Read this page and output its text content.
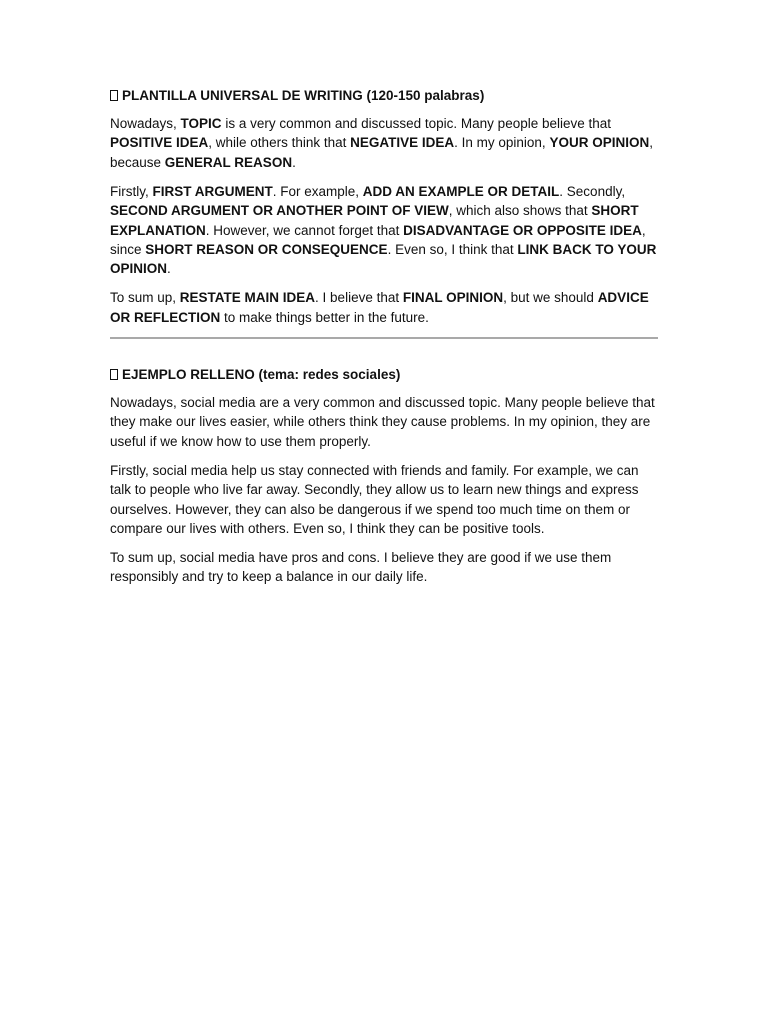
PLANTILLA UNIVERSAL DE WRITING (120-150 palabras)

Nowadays, TOPIC is a very common and discussed topic. Many people believe that POSITIVE IDEA, while others think that NEGATIVE IDEA. In my opinion, YOUR OPINION, because GENERAL REASON.

Firstly, FIRST ARGUMENT. For example, ADD AN EXAMPLE OR DETAIL. Secondly, SECOND ARGUMENT OR ANOTHER POINT OF VIEW, which also shows that SHORT EXPLANATION. However, we cannot forget that DISADVANTAGE OR OPPOSITE IDEA, since SHORT REASON OR CONSEQUENCE. Even so, I think that LINK BACK TO YOUR OPINION.

To sum up, RESTATE MAIN IDEA. I believe that FINAL OPINION, but we should ADVICE OR REFLECTION to make things better in the future.

EJEMPLO RELLENO (tema: redes sociales)

Nowadays, social media are a very common and discussed topic. Many people believe that they make our lives easier, while others think they cause problems. In my opinion, they are useful if we know how to use them properly.

Firstly, social media help us stay connected with friends and family. For example, we can talk to people who live far away. Secondly, they allow us to learn new things and express ourselves. However, they can also be dangerous if we spend too much time on them or compare our lives with others. Even so, I think they can be positive tools.

To sum up, social media have pros and cons. I believe they are good if we use them responsibly and try to keep a balance in our daily life.
